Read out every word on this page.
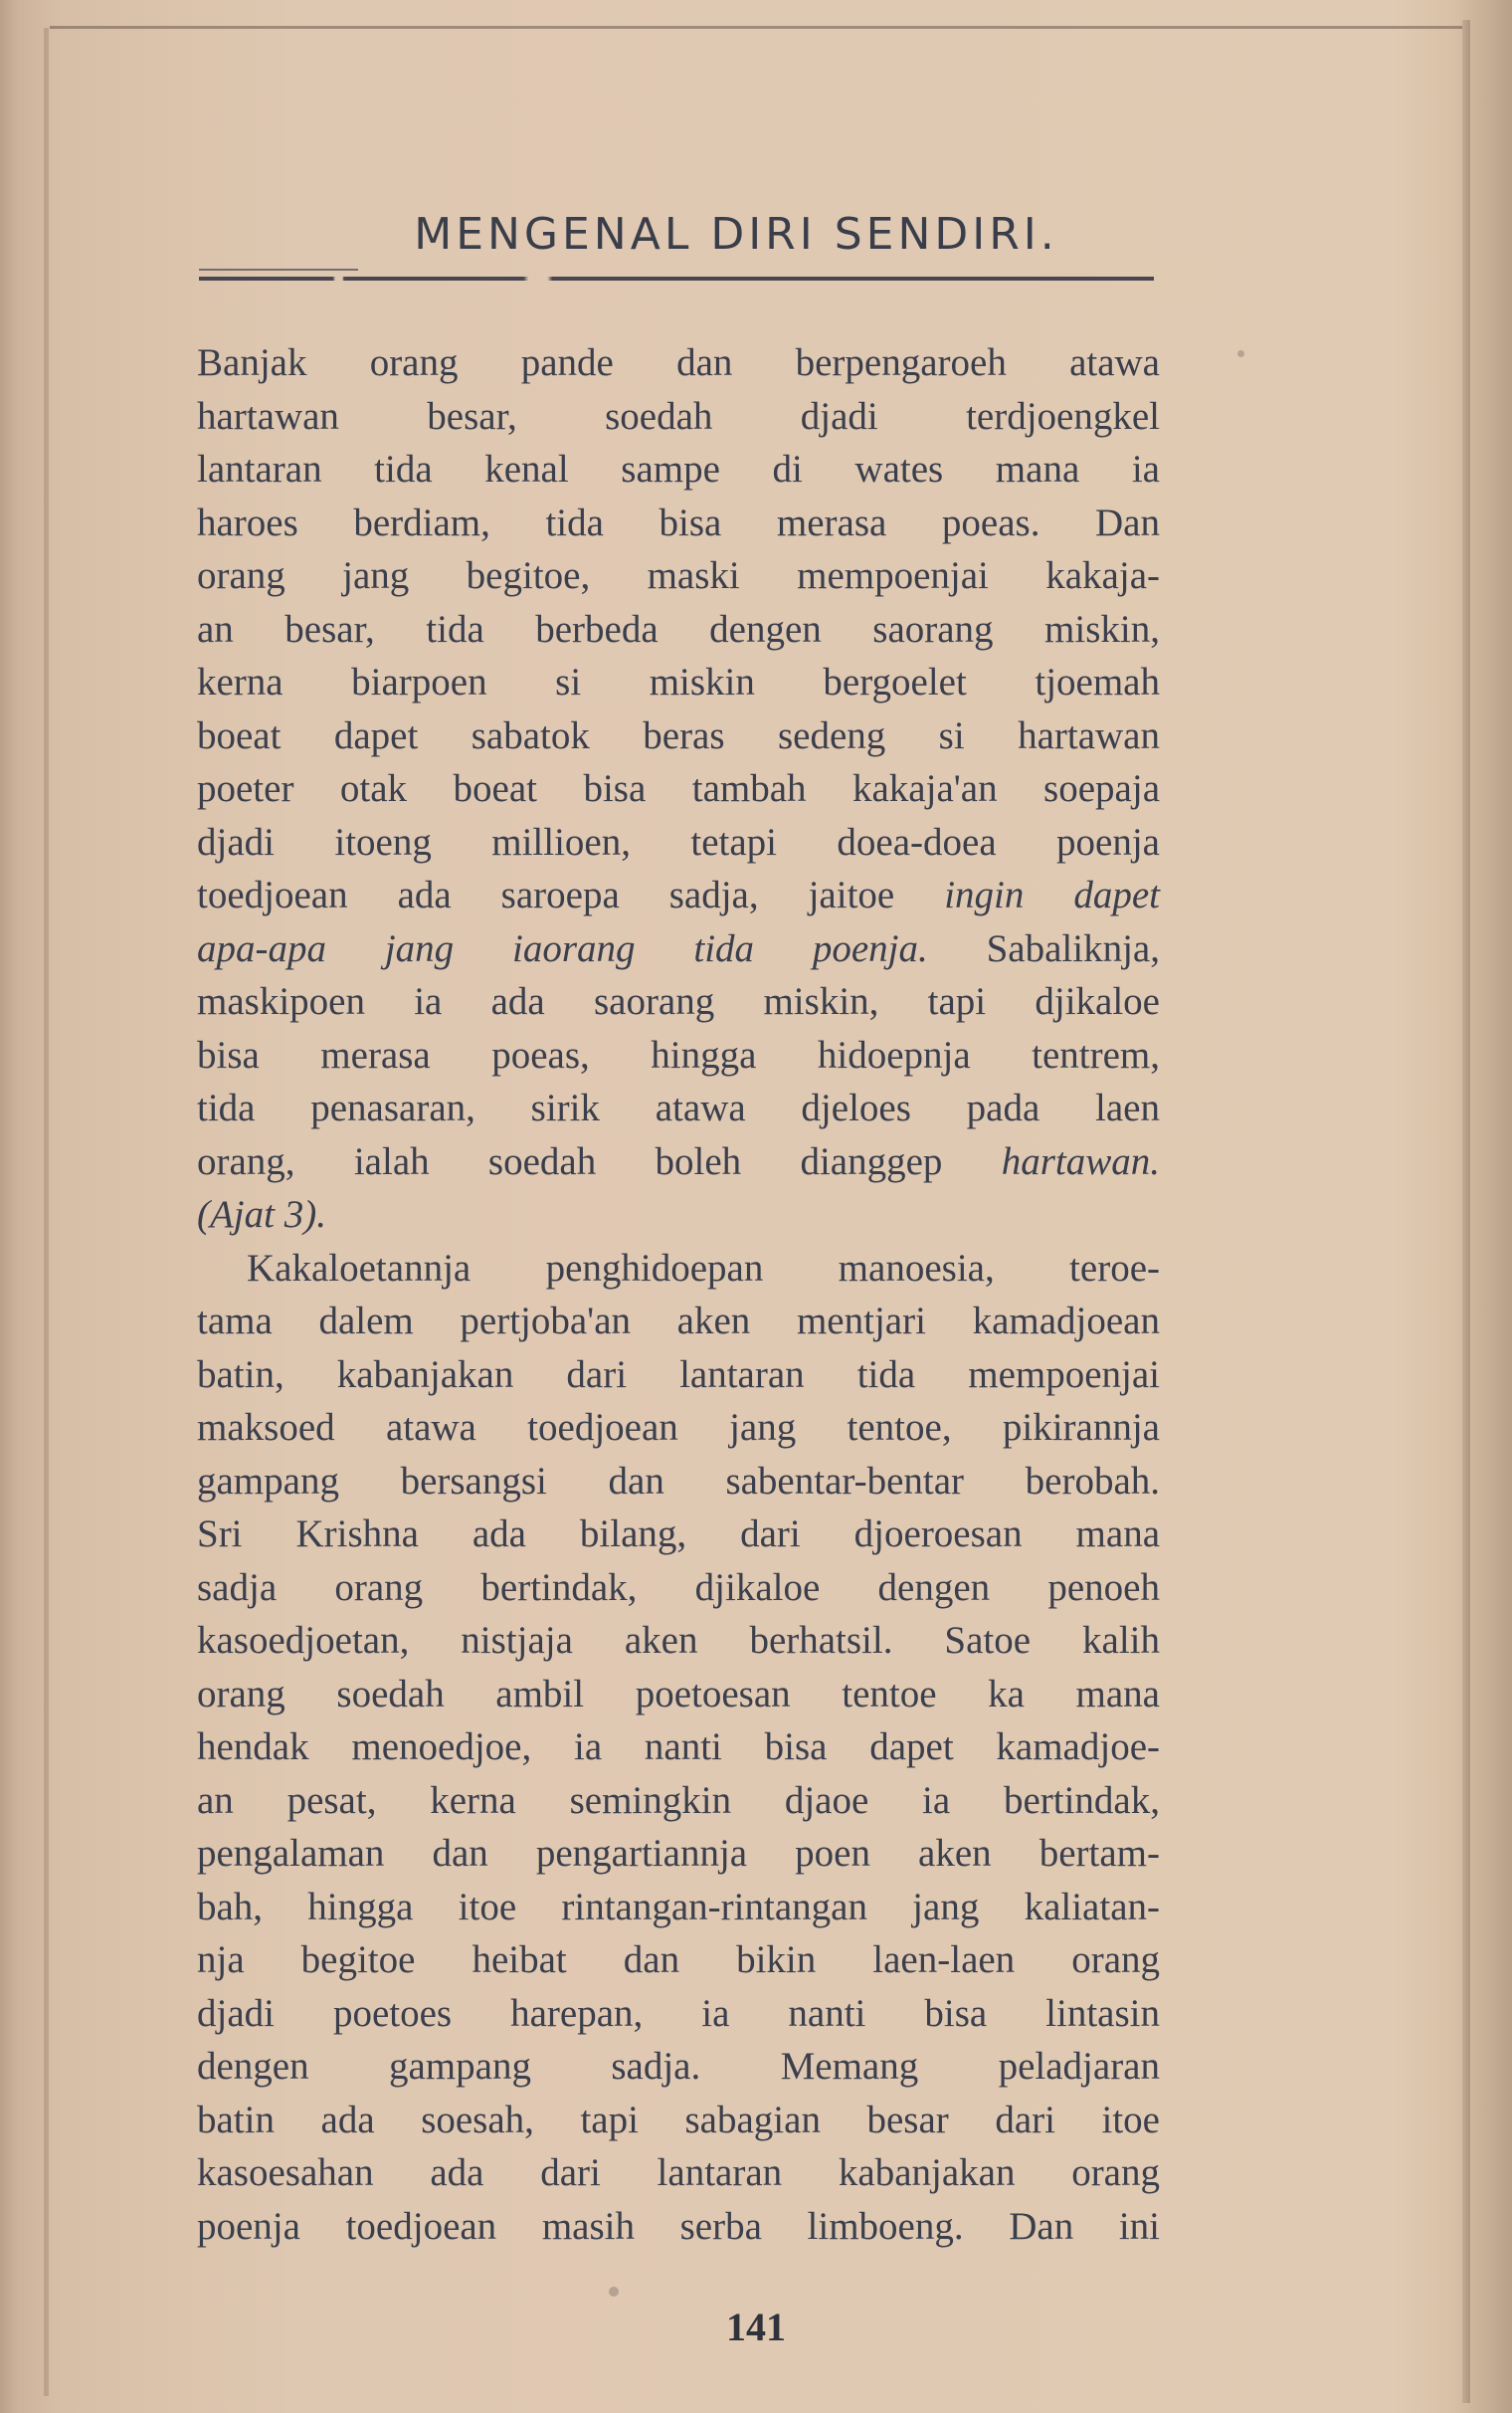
MENGENAL DIRI SENDIRI.
Banjak orang pande dan berpengaroeh atawa
hartawan besar, soedah djadi terdjoengkel
lantaran tida kenal sampe di wates mana ia
haroes berdiam, tida bisa merasa poeas. Dan
orang jang begitoe, maski mempoenjai kakaja-
an besar, tida berbeda dengen saorang miskin,
kerna biarpoen si miskin bergoelet tjoemah
boeat dapet sabatok beras sedeng si hartawan
poeter otak boeat bisa tambah kakaja'an soepaja
djadi itoeng millioen, tetapi doea-doea poenja
toedjoean ada saroepa sadja, jaitoe ingin dapet
apa-apa jang iaorang tida poenja. Sabaliknja,
maskipoen ia ada saorang miskin, tapi djikaloe
bisa merasa poeas, hingga hidoepnja tentrem,
tida penasaran, sirik atawa djeloes pada laen
orang, ialah soedah boleh dianggep hartawan.
(Ajat 3).
Kakaloetannja penghidoepan manoesia, teroe-
tama dalem pertjoba'an aken mentjari kamadjoean
batin, kabanjakan dari lantaran tida mempoenjai
maksoed atawa toedjoean jang tentoe, pikirannja
gampang bersangsi dan sabentar-bentar berobah.
Sri Krishna ada bilang, dari djoeroesan mana
sadja orang bertindak, djikaloe dengen penoeh
kasoedjoetan, nistjaja aken berhatsil. Satoe kalih
orang soedah ambil poetoesan tentoe ka mana
hendak menoedjoe, ia nanti bisa dapet kamadjoe-
an pesat, kerna semingkin djaoe ia bertindak,
pengalaman dan pengartiannja poen aken bertam-
bah, hingga itoe rintangan-rintangan jang kaliatan-
nja begitoe heibat dan bikin laen-laen orang
djadi poetoes harepan, ia nanti bisa lintasin
dengen gampang sadja. Memang peladjaran
batin ada soesah, tapi sabagian besar dari itoe
kasoesahan ada dari lantaran kabanjakan orang
poenja toedjoean masih serba limboeng. Dan ini
141
